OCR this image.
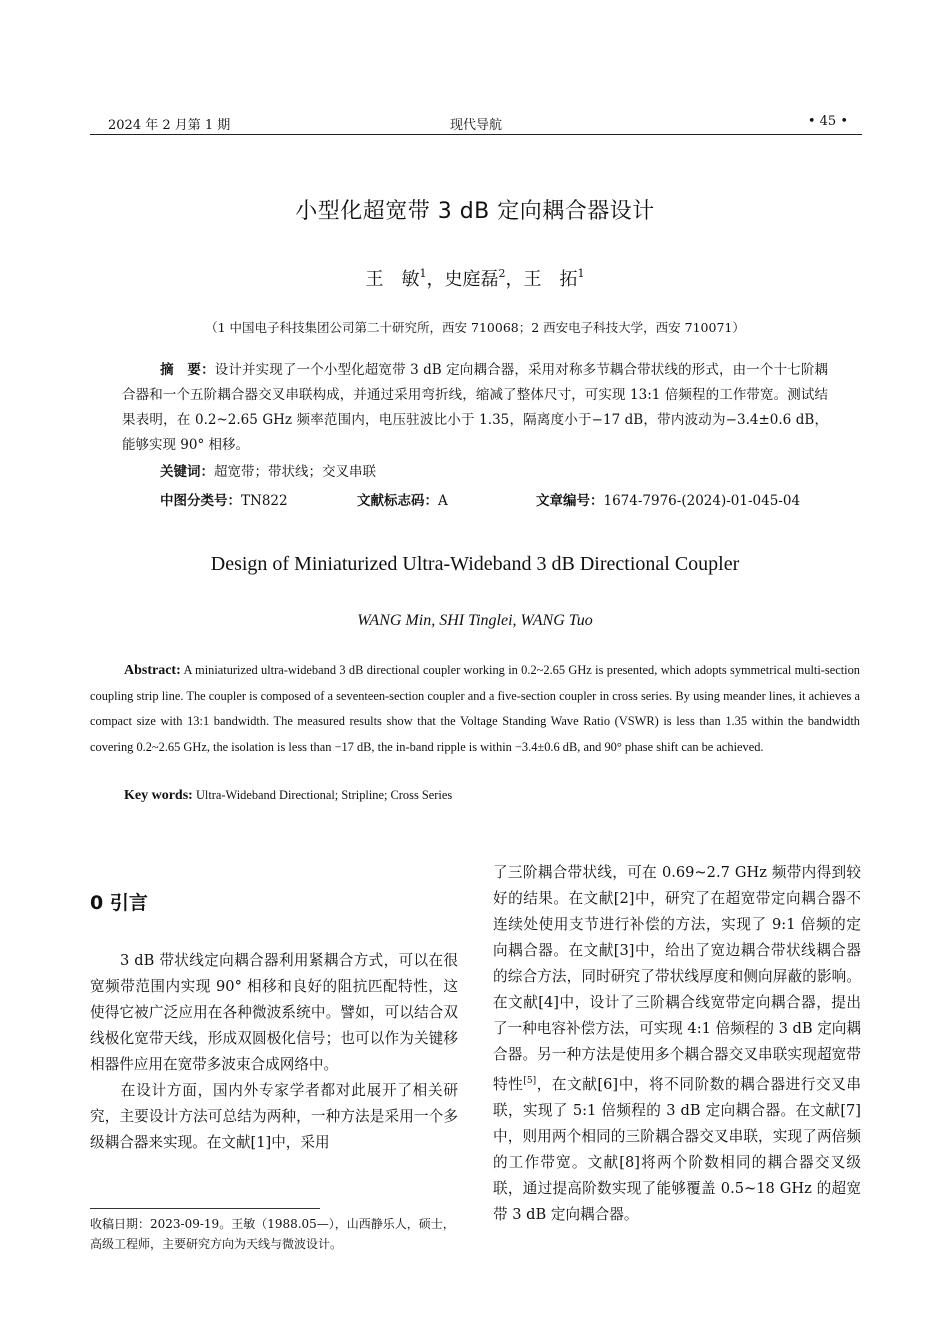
2024 年 2 月第 1 期	现代导航	• 45 •
小型化超宽带 3 dB 定向耦合器设计
王　敏$^1$，史庭磊$^2$，王　拓$^1$
（1 中国电子科技集团公司第二十研究所，西安 710068；2 西安电子科技大学，西安 710071）
摘　要：设计并实现了一个小型化超宽带 3 dB 定向耦合器，采用对称多节耦合带状线的形式，由一个十七阶耦合器和一个五阶耦合器交叉串联构成，并通过采用弯折线，缩减了整体尺寸，可实现 13:1 倍频程的工作带宽。测试结果表明，在 0.2~2.65 GHz 频率范围内，电压驻波比小于 1.35，隔离度小于−17 dB，带内波动为−3.4±0.6 dB，能够实现 90° 相移。
关键词：超宽带；带状线；交叉串联
中图分类号：TN822	文献标志码：A	文章编号：1674-7976-(2024)-01-045-04
Design of Miniaturized Ultra-Wideband 3 dB Directional Coupler
WANG Min, SHI Tinglei, WANG Tuo
Abstract: A miniaturized ultra-wideband 3 dB directional coupler working in 0.2~2.65 GHz is presented, which adopts symmetrical multi-section coupling strip line. The coupler is composed of a seventeen-section coupler and a five-section coupler in cross series. By using meander lines, it achieves a compact size with 13:1 bandwidth. The measured results show that the Voltage Standing Wave Ratio (VSWR) is less than 1.35 within the bandwidth covering 0.2~2.65 GHz, the isolation is less than −17 dB, the in-band ripple is within −3.4±0.6 dB, and 90° phase shift can be achieved.
Key words: Ultra-Wideband Directional; Stripline; Cross Series
0 引言

3 dB 带状线定向耦合器利用紧耦合方式，可以在很宽频带范围内实现 90° 相移和良好的阻抗匹配特性，这使得它被广泛应用在各种微波系统中。譬如，可以结合双线极化宽带天线，形成双圆极化信号；也可以作为关键移相器件应用在宽带多波束合成网络中。

在设计方面，国内外专家学者都对此展开了相关研究，主要设计方法可总结为两种，一种方法是采用一个多级耦合器来实现。在文献[1]中，采用

收稿日期：2023-09-19。王敏（1988.05—），山西静乐人，硕士，高级工程师，主要研究方向为天线与微波设计。

了三阶耦合带状线，可在 0.69~2.7 GHz 频带内得到较好的结果。在文献[2]中，研究了在超宽带定向耦合器不连续处使用支节进行补偿的方法，实现了 9:1 倍频的定向耦合器。在文献[3]中，给出了宽边耦合带状线耦合器的综合方法，同时研究了带状线厚度和侧向屏蔽的影响。在文献[4]中，设计了三阶耦合线宽带定向耦合器，提出了一种电容补偿方法，可实现 4:1 倍频程的 3 dB 定向耦合器。另一种方法是使用多个耦合器交叉串联实现超宽带特性[5]，在文献[6]中，将不同阶数的耦合器进行交叉串联，实现了 5:1 倍频程的 3 dB 定向耦合器。在文献[7]中，则用两个相同的三阶耦合器交叉串联，实现了两倍频的工作带宽。文献[8]将两个阶数相同的耦合器交叉级联，通过提高阶数实现了能够覆盖 0.5~18 GHz 的超宽带 3 dB 定向耦合器。
